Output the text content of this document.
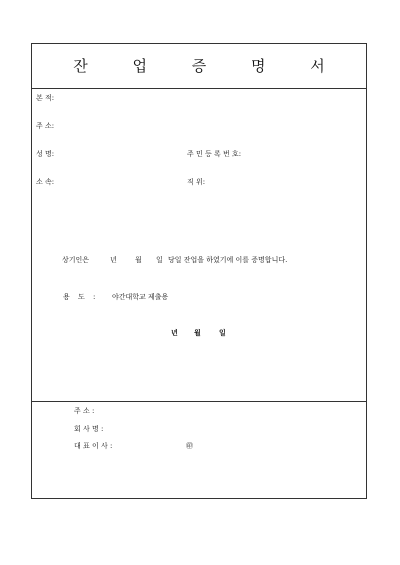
잔 업 증 명 서
본 적:
주 소:
성 명:	주 민 등 록 번 호:
소 속:	직 위:
상기인은	년	월 일 당일 잔업을 하였기에 이를 증명합니다.
용 도 : 야간대학교 제출용
년 월	일
주 소 :
회 사 명 :
대 표 이 사 :	㊞
